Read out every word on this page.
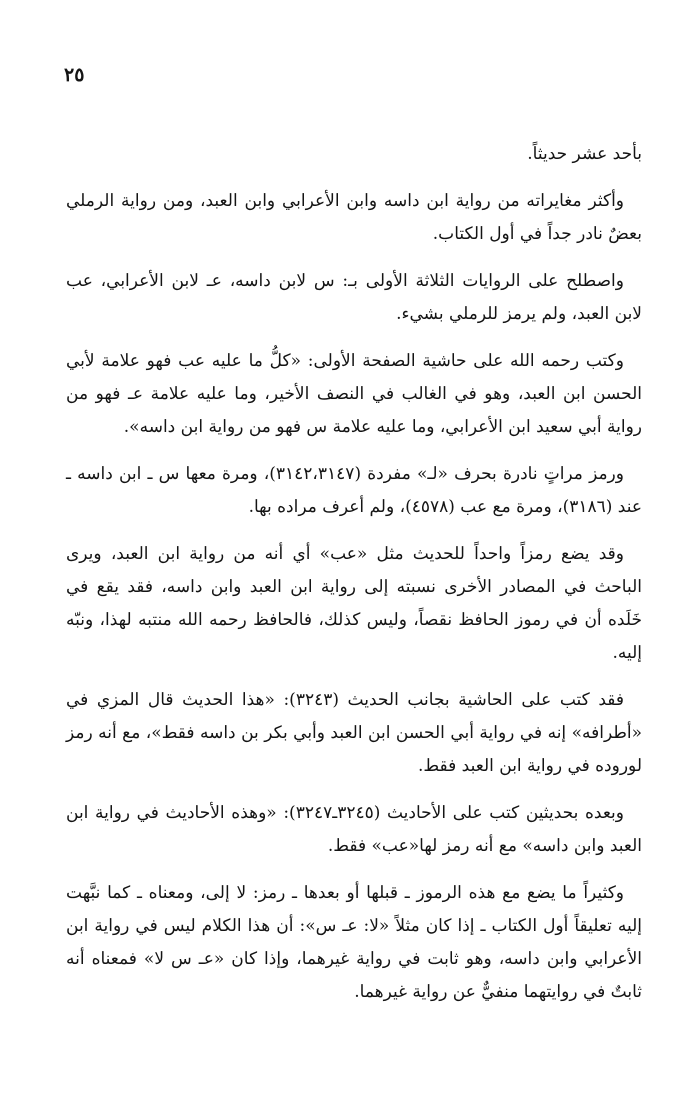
٢٥

بأحد عشر حديثاً.

وأكثر مغايراته من رواية ابن داسه وابن الأعرابي وابن العبد، ومن رواية الرملي بعضٌ نادر جداً في أول الكتاب.

واصطلح على الروايات الثلاثة الأولى بـ: س لابن داسه، عـ لابن الأعرابي، عب لابن العبد، ولم يرمز للرملي بشيء.

وكتب رحمه الله على حاشية الصفحة الأولى: «كلُّ ما عليه عب فهو علامة لأبي الحسن ابن العبد، وهو في الغالب في النصف الأخير، وما عليه علامة عـ فهو من رواية أبي سعيد ابن الأعرابي، وما عليه علامة س فهو من رواية ابن داسه».

ورمز مراتٍ نادرة بحرف «لـ» مفردة (٣١٤٢،٣١٤٧)، ومرة معها س ـ ابن داسه ـ عند (٣١٨٦)، ومرة مع عب (٤٥٧٨)، ولم أعرف مراده بها.

وقد يضع رمزاً واحداً للحديث مثل «عب» أي أنه من رواية ابن العبد، ويرى الباحث في المصادر الأخرى نسبته إلى رواية ابن العبد وابن داسه، فقد يقع في خَلَده أن في رموز الحافظ نقصاً، وليس كذلك، فالحافظ رحمه الله منتبه لهذا، ونبّه إليه.

فقد كتب على الحاشية بجانب الحديث (٣٢٤٣): «هذا الحديث قال المزي في «أطرافه» إنه في رواية أبي الحسن ابن العبد وأبي بكر بن داسه فقط»، مع أنه رمز لوروده في رواية ابن العبد فقط.

وبعده بحديثين كتب على الأحاديث (٣٢٤٥ـ٣٢٤٧): «وهذه الأحاديث في رواية ابن العبد وابن داسه» مع أنه رمز لها«عب» فقط.

وكثيراً ما يضع مع هذه الرموز ـ قبلها أو بعدها ـ رمز: لا إلى، ومعناه ـ كما نبَّهت إليه تعليقاً أول الكتاب ـ إذا كان مثلاً «لا: عـ س»: أن هذا الكلام ليس في رواية ابن الأعرابي وابن داسه، وهو ثابت في رواية غيرهما، وإذا كان «عـ س لا» فمعناه أنه ثابتٌ في روايتهما منفيٌّ عن رواية غيرهما.
